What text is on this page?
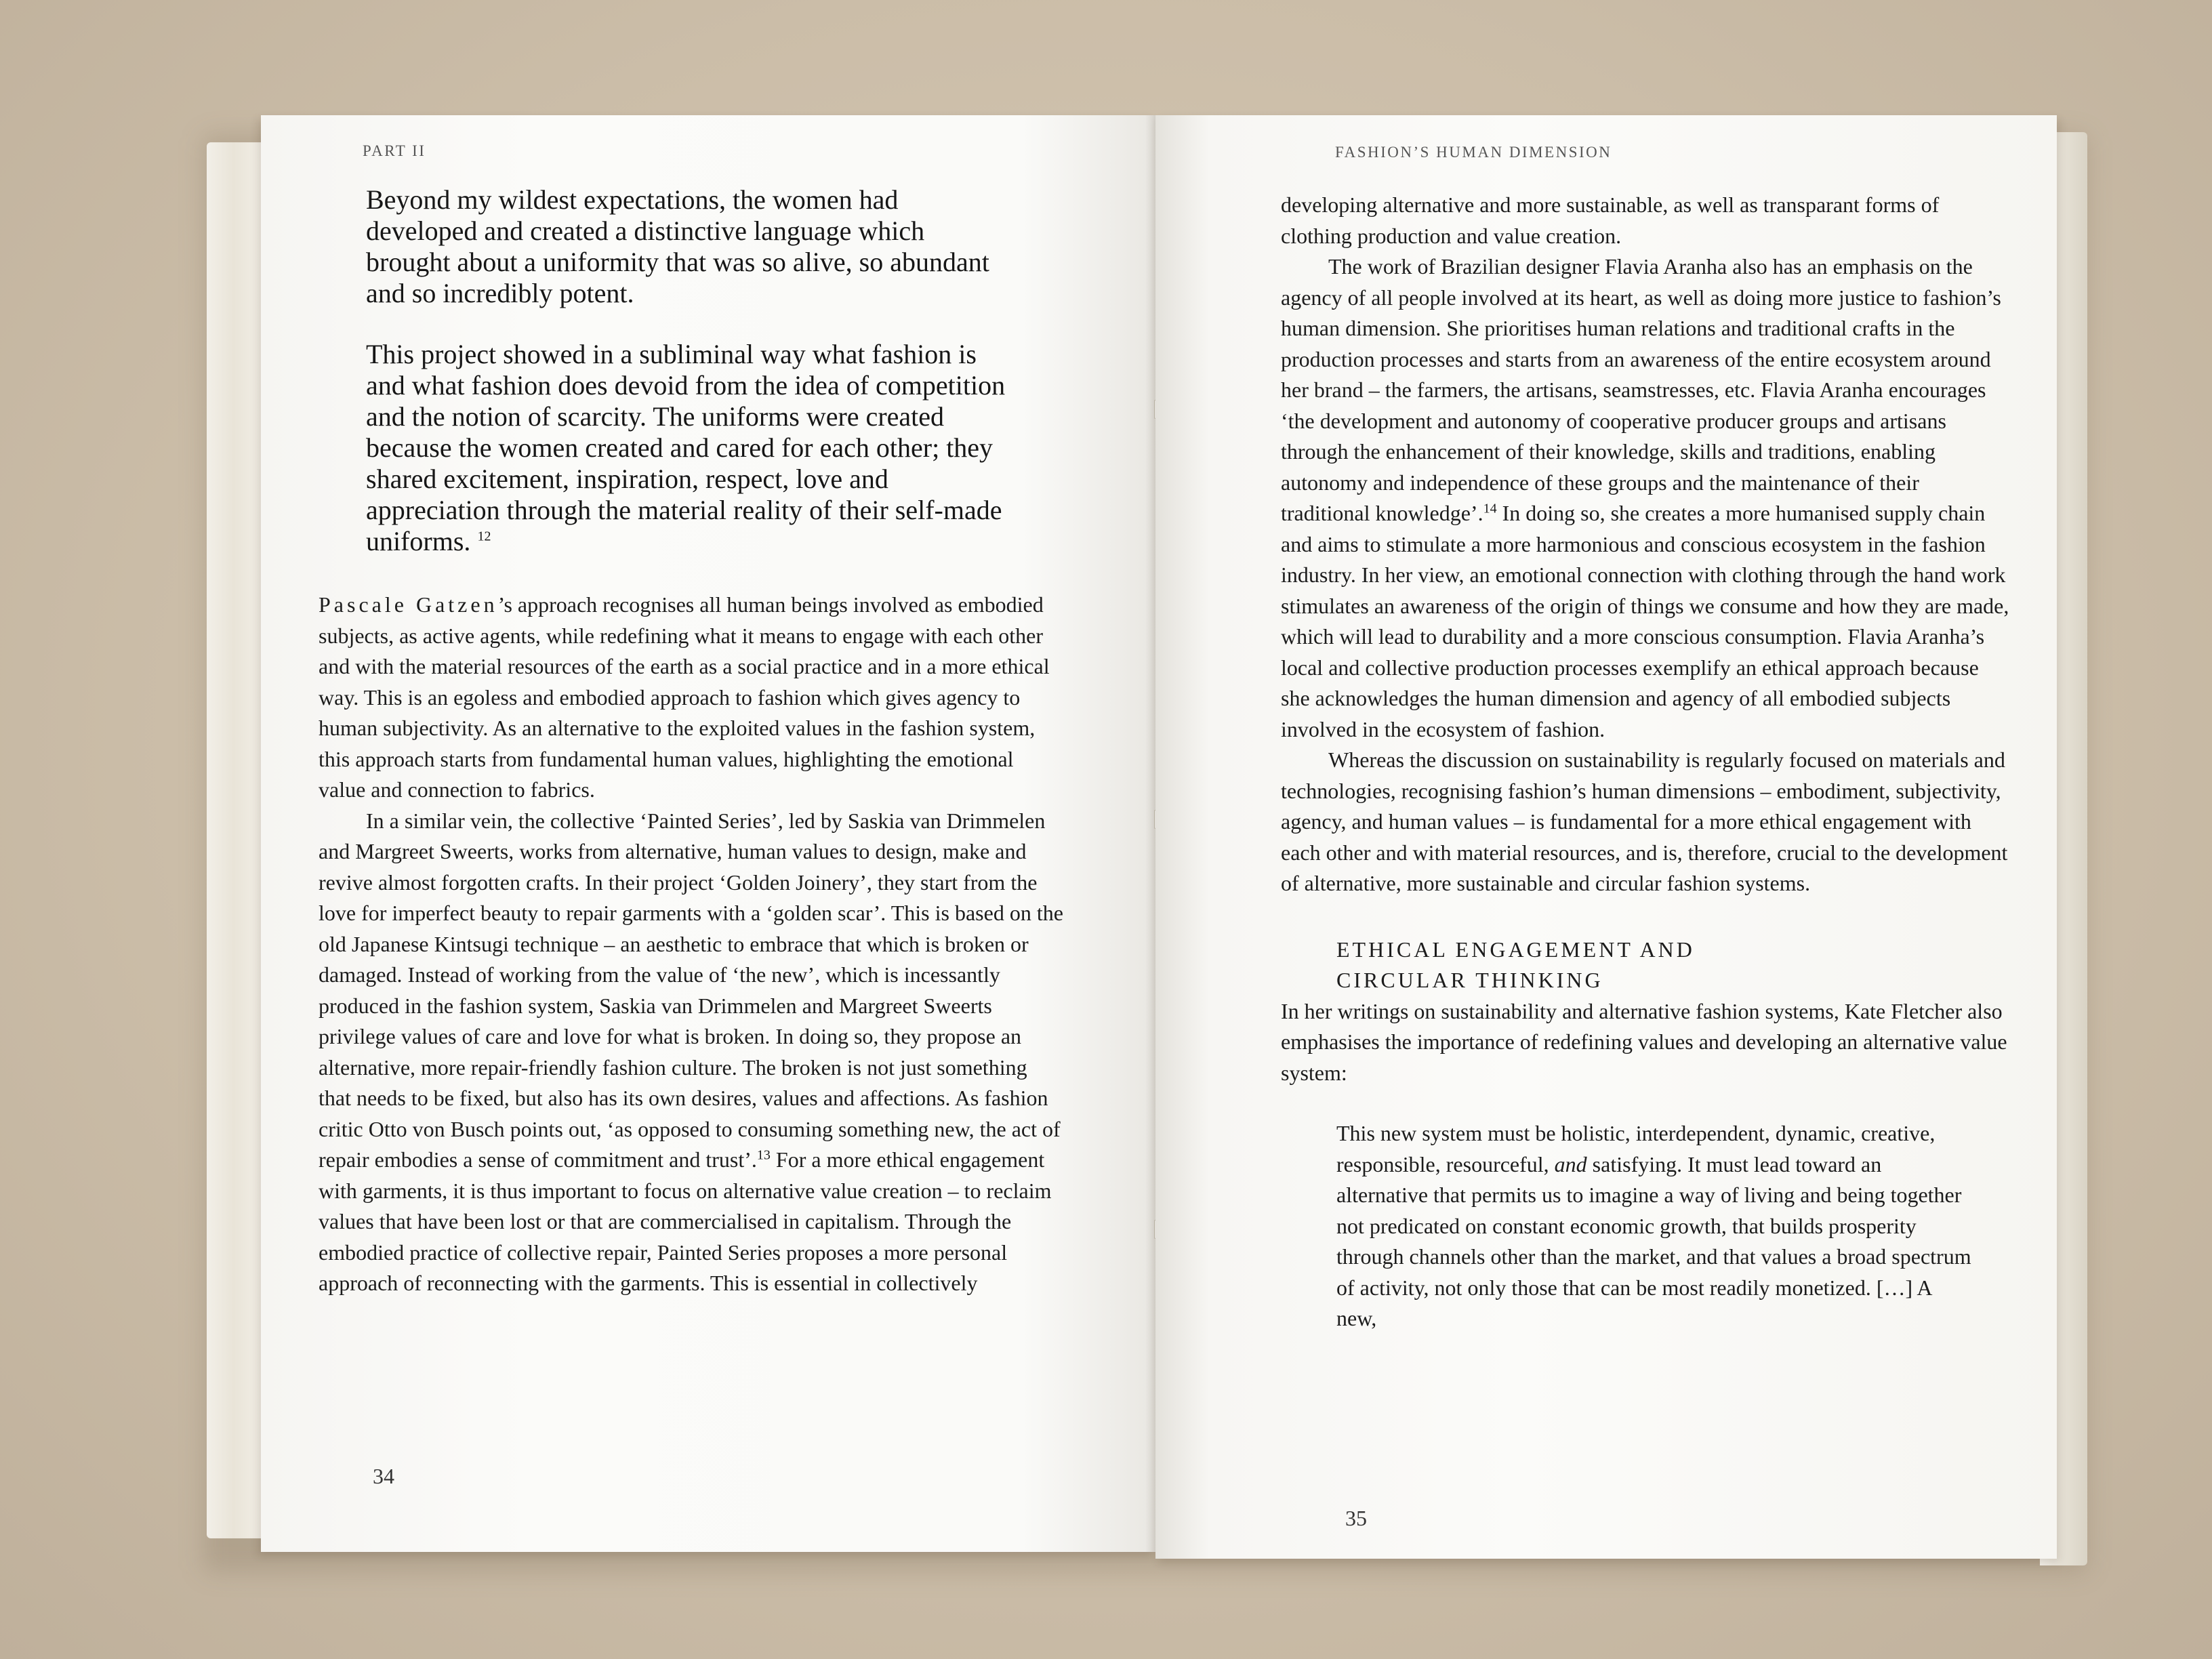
PART II

Beyond my wildest expectations, the women had developed and created a distinctive language which brought about a uniformity that was so alive, so abundant and so incredibly potent.

This project showed in a subliminal way what fashion is and what fashion does devoid from the idea of competition and the notion of scarcity. The uniforms were created because the women created and cared for each other; they shared excitement, inspiration, respect, love and appreciation through the material reality of their self-made uniforms. $^{12}$

Pascale Gatzen’s approach recognises all human beings involved as embodied subjects, as active agents, while redefining what it means to engage with each other and with the material resources of the earth as a social practice and in a more ethical way. This is an egoless and embodied approach to fashion which gives agency to human subjectivity. As an alternative to the exploited values in the fashion system, this approach starts from fundamental human values, highlighting the emotional value and connection to fabrics.

In a similar vein, the collective ‘Painted Series’, led by Saskia van Drimmelen and Margreet Sweerts, works from alternative, human values to design, make and revive almost forgotten crafts. In their project ‘Golden Joinery’, they start from the love for imperfect beauty to repair garments with a ‘golden scar’. This is based on the old Japanese Kintsugi technique – an aesthetic to embrace that which is broken or damaged. Instead of working from the value of ‘the new’, which is incessantly produced in the fashion system, Saskia van Drimmelen and Margreet Sweerts privilege values of care and love for what is broken. In doing so, they propose an alternative, more repair-friendly fashion culture. The broken is not just something that needs to be fixed, but also has its own desires, values and affections. As fashion critic Otto von Busch points out, ‘as opposed to consuming something new, the act of repair embodies a sense of commitment and trust’.$^{13}$ For a more ethical engagement with garments, it is thus important to focus on alternative value creation – to reclaim values that have been lost or that are commercialised in capitalism. Through the embodied practice of collective repair, Painted Series proposes a more personal approach of reconnecting with the garments. This is essential in collectively

34
FASHION’S HUMAN DIMENSION

developing alternative and more sustainable, as well as transparant forms of clothing production and value creation.

The work of Brazilian designer Flavia Aranha also has an emphasis on the agency of all people involved at its heart, as well as doing more justice to fashion’s human dimension. She prioritises human relations and traditional crafts in the production processes and starts from an awareness of the entire ecosystem around her brand – the farmers, the artisans, seamstresses, etc. Flavia Aranha encourages ‘the development and autonomy of cooperative producer groups and artisans through the enhancement of their knowledge, skills and traditions, enabling autonomy and independence of these groups and the maintenance of their traditional knowledge’.$^{14}$ In doing so, she creates a more humanised supply chain and aims to stimulate a more harmonious and conscious ecosystem in the fashion industry. In her view, an emotional connection with clothing through the hand work stimulates an awareness of the origin of things we consume and how they are made, which will lead to durability and a more conscious consumption. Flavia Aranha’s local and collective production processes exemplify an ethical approach because she acknowledges the human dimension and agency of all embodied subjects involved in the ecosystem of fashion.

Whereas the discussion on sustainability is regularly focused on materials and technologies, recognising fashion’s human dimensions – embodiment, subjectivity, agency, and human values – is fundamental for a more ethical engagement with each other and with material resources, and is, therefore, crucial to the development of alternative, more sustainable and circular fashion systems.

ETHICAL ENGAGEMENT AND

CIRCULAR THINKING

In her writings on sustainability and alternative fashion systems, Kate Fletcher also emphasises the importance of redefining values and developing an alternative value system:

This new system must be holistic, interdependent, dynamic, creative, responsible, resourceful, and satisfying. It must lead toward an alternative that permits us to imagine a way of living and being together not predicated on constant economic growth, that builds prosperity through channels other than the market, and that values a broad spectrum of activity, not only those that can be most readily monetized. […] A new,

35
